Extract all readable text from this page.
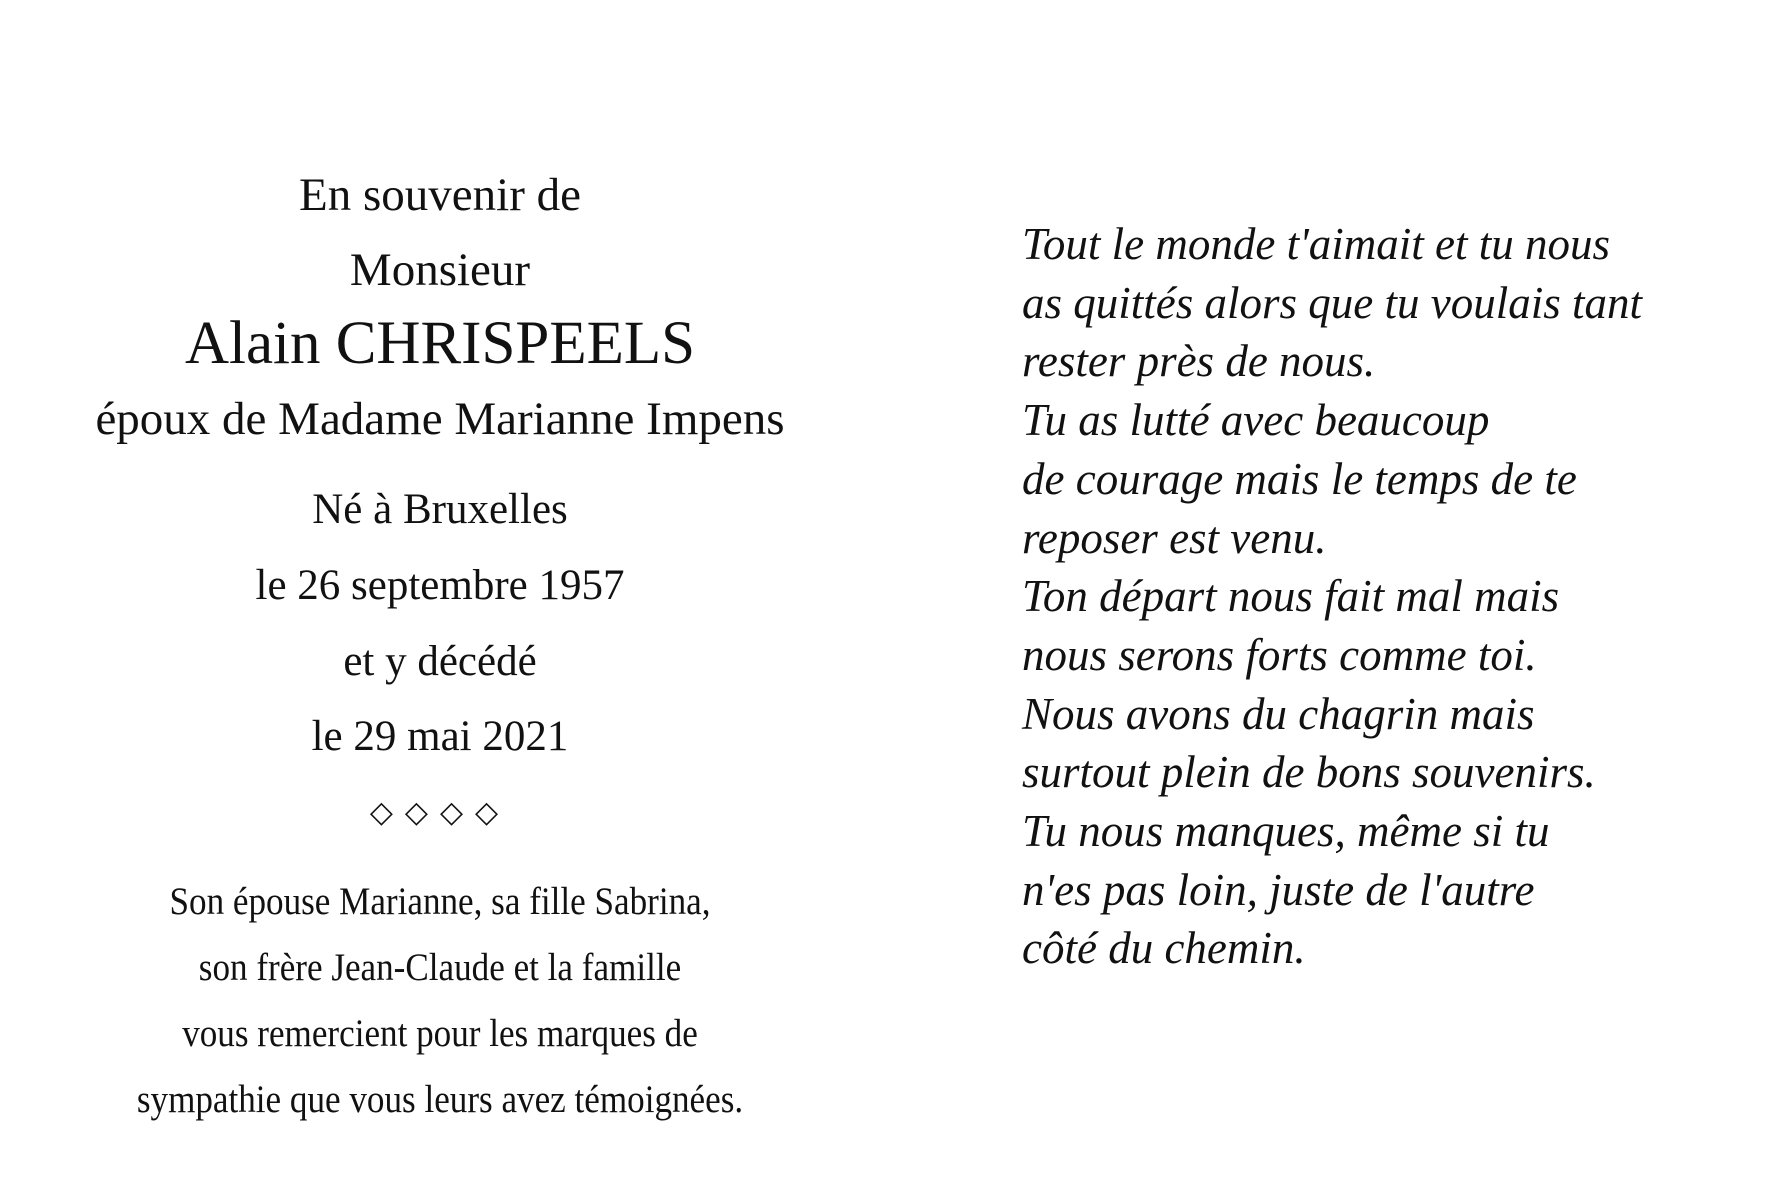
En souvenir de
Monsieur
Alain CHRISPEELS
époux de Madame Marianne Impens
Né à Bruxelles
le 26 septembre 1957
et y décédé
le 29 mai 2021
◇◇◇◇
Son épouse Marianne, sa fille Sabrina,
son frère Jean-Claude et la famille
vous remercient pour les marques de
sympathie que vous leurs avez témoignées.
Tout le monde t'aimait et tu nous
as quittés alors que tu voulais tant
rester près de nous.
Tu as lutté avec beaucoup
de courage mais le temps de te
reposer est venu.
Ton départ nous fait mal mais
nous serons forts comme toi.
Nous avons du chagrin mais
surtout plein de bons souvenirs.
Tu nous manques, même si tu
n'es pas loin, juste de l'autre
côté du chemin.
